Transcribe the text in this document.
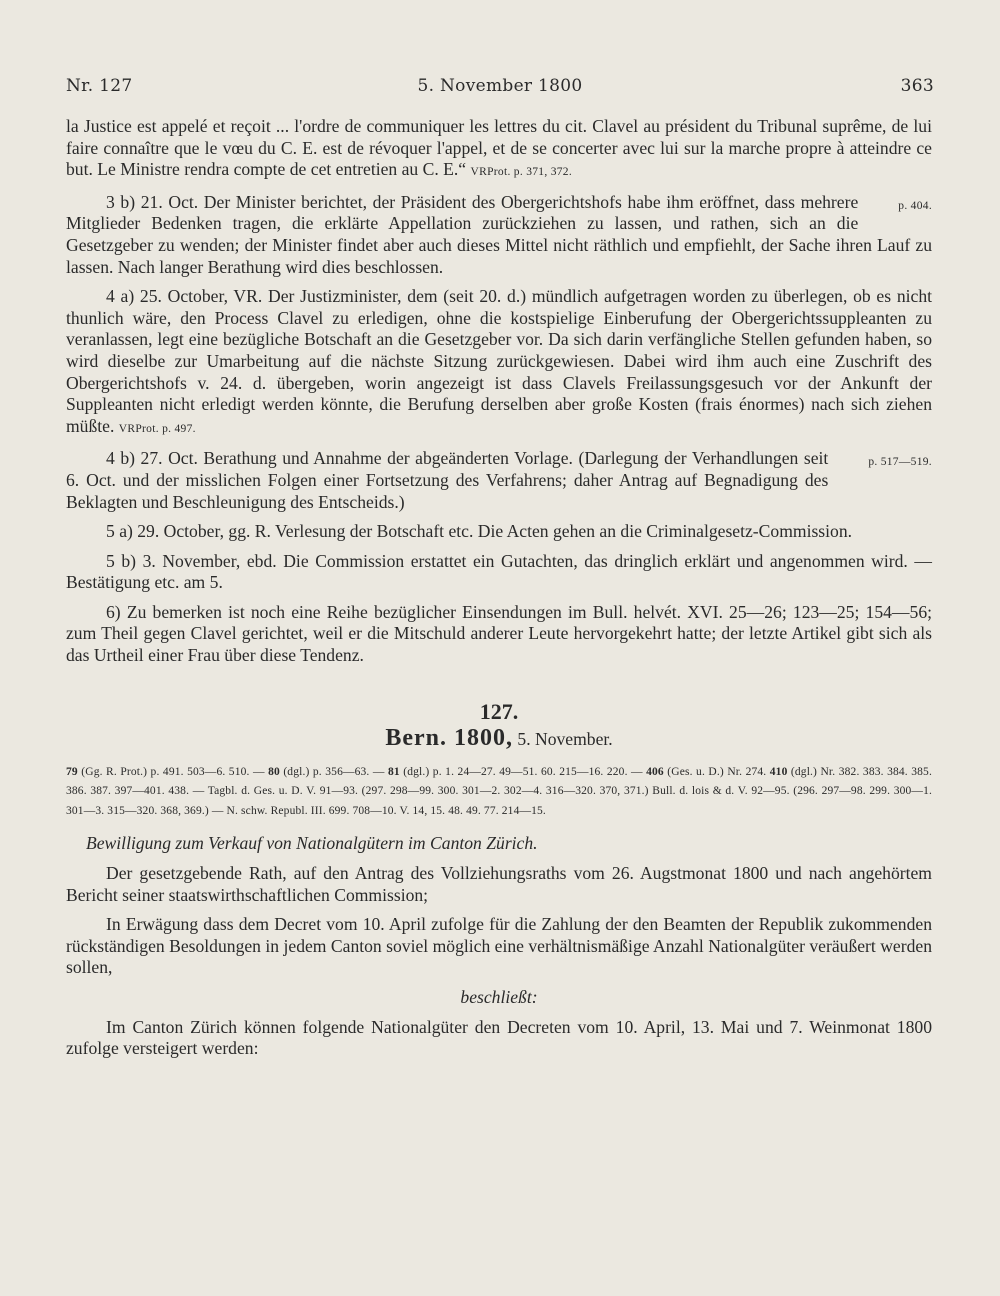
Nr. 127	5. November 1800	363

la Justice est appelé et reçoit ... l'ordre de communiquer les lettres du cit. Clavel au président du Tribunal suprême, de lui faire connaître que le vœu du C. E. est de révoquer l'appel, et de se concerter avec lui sur la marche propre à atteindre ce but. Le Ministre rendra compte de cet entretien au C. E.“ VRProt. p. 371, 372.

p. 404.
3 b) 21. Oct. Der Minister berichtet, der Präsident des Obergerichtshofs habe ihm eröffnet, dass mehrere Mitglieder Bedenken tragen, die erklärte Appellation zurückziehen zu lassen, und rathen, sich an die Gesetzgeber zu wenden; der Minister findet aber auch dieses Mittel nicht räthlich und empfiehlt, der Sache ihren Lauf zu lassen. Nach langer Berathung wird dies beschlossen.

4 a) 25. October, VR. Der Justizminister, dem (seit 20. d.) mündlich aufgetragen worden zu überlegen, ob es nicht thunlich wäre, den Process Clavel zu erledigen, ohne die kostspielige Einberufung der Obergerichtssuppleanten zu veranlassen, legt eine bezügliche Botschaft an die Gesetzgeber vor. Da sich darin verfängliche Stellen gefunden haben, so wird dieselbe zur Umarbeitung auf die nächste Sitzung zurückgewiesen. Dabei wird ihm auch eine Zuschrift des Obergerichtshofs v. 24. d. übergeben, worin angezeigt ist dass Clavels Freilassungsgesuch vor der Ankunft der Suppleanten nicht erledigt werden könnte, die Berufung derselben aber große Kosten (frais énormes) nach sich ziehen müßte. VRProt. p. 497.

p. 517—519.
4 b) 27. Oct. Berathung und Annahme der abgeänderten Vorlage. (Darlegung der Verhandlungen seit 6. Oct. und der misslichen Folgen einer Fortsetzung des Verfahrens; daher Antrag auf Begnadigung des Beklagten und Beschleunigung des Entscheids.)

5 a) 29. October, gg. R. Verlesung der Botschaft etc. Die Acten gehen an die Criminalgesetz-Commission.

5 b) 3. November, ebd. Die Commission erstattet ein Gutachten, das dringlich erklärt und angenommen wird. — Bestätigung etc. am 5.

6) Zu bemerken ist noch eine Reihe bezüglicher Einsendungen im Bull. helvét. XVI. 25—26; 123—25; 154—56; zum Theil gegen Clavel gerichtet, weil er die Mitschuld anderer Leute hervorgekehrt hatte; der letzte Artikel gibt sich als das Urtheil einer Frau über diese Tendenz.

127.
Bern. 1800, 5. November.
79 (Gg. R. Prot.) p. 491. 503—6. 510. — 80 (dgl.) p. 356—63. — 81 (dgl.) p. 1. 24—27. 49—51. 60. 215—16. 220. — 406 (Ges. u. D.) Nr. 274. 410 (dgl.) Nr. 382. 383. 384. 385. 386. 387. 397—401. 438. — Tagbl. d. Ges. u. D. V. 91—93. (297. 298—99. 300. 301—2. 302—4. 316—320. 370, 371.) Bull. d. lois & d. V. 92—95. (296. 297—98. 299. 300—1. 301—3. 315—320. 368, 369.) — N. schw. Republ. III. 699. 708—10. V. 14, 15. 48. 49. 77. 214—15.
Bewilligung zum Verkauf von Nationalgütern im Canton Zürich.

Der gesetzgebende Rath, auf den Antrag des Vollziehungsraths vom 26. Augstmonat 1800 und nach angehörtem Bericht seiner staatswirthschaftlichen Commission;

In Erwägung dass dem Decret vom 10. April zufolge für die Zahlung der den Beamten der Republik zukommenden rückständigen Besoldungen in jedem Canton soviel möglich eine verhältnismäßige Anzahl Nationalgüter veräußert werden sollen,

beschließt:

Im Canton Zürich können folgende Nationalgüter den Decreten vom 10. April, 13. Mai und 7. Weinmonat 1800 zufolge versteigert werden:
